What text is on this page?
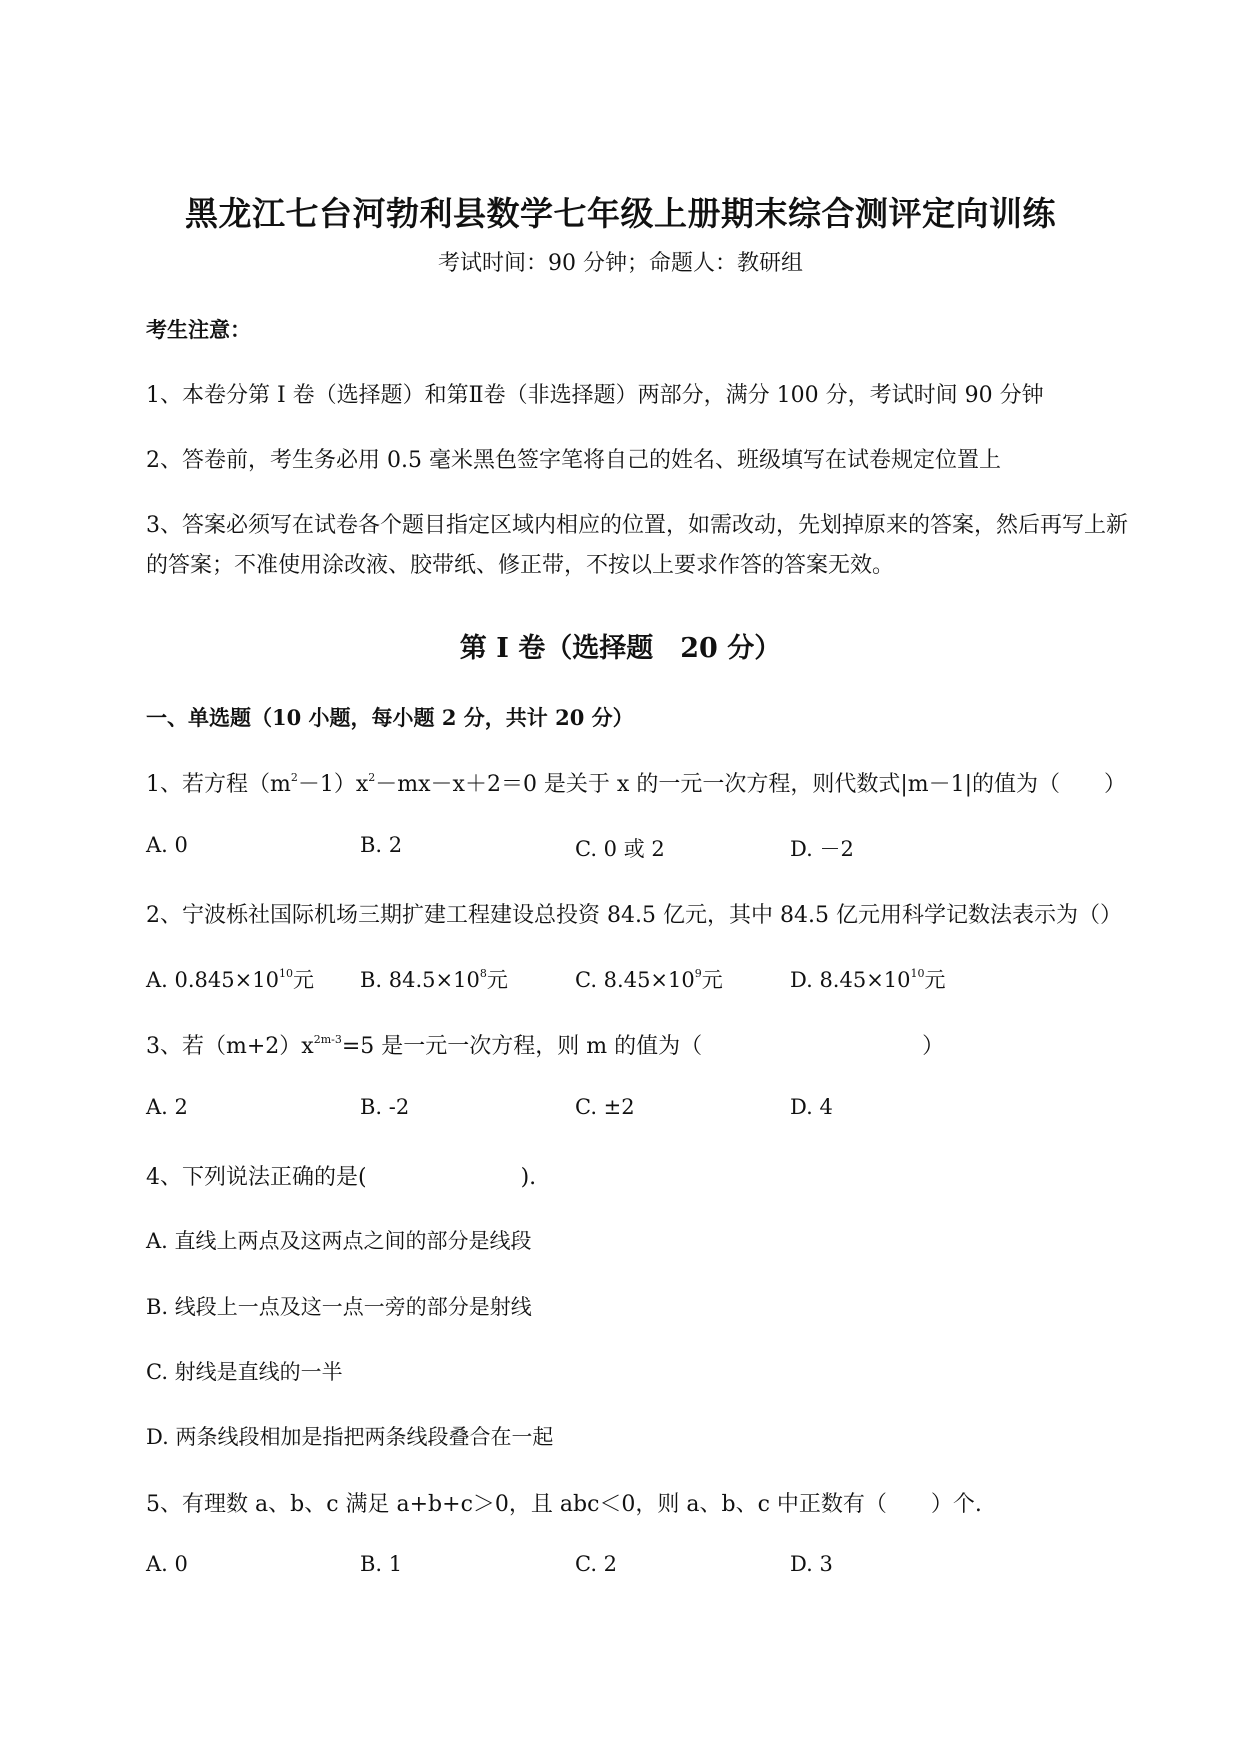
黑龙江七台河勃利县数学七年级上册期末综合测评定向训练
考试时间：90 分钟；命题人：教研组
考生注意：
1、本卷分第 I 卷（选择题）和第Ⅱ卷（非选择题）两部分，满分 100 分，考试时间 90 分钟
2、答卷前，考生务必用 0.5 毫米黑色签字笔将自己的姓名、班级填写在试卷规定位置上
3、答案必须写在试卷各个题目指定区域内相应的位置，如需改动，先划掉原来的答案，然后再写上新
的答案；不准使用涂改液、胶带纸、修正带，不按以上要求作答的答案无效。
第 I 卷（选择题　20 分）
一、单选题（10 小题，每小题 2 分，共计 20 分）
1、若方程$(m^2-1)x^2-mx-x+2=0$ 是关于 x 的一元一次方程，则代数式|m－1|的值为（　　）
A. 0	B. 2	C. 0 或 2	D. －2
2、宁波栎社国际机场三期扩建工程建设总投资 84.5 亿元，其中 84.5 亿元用科学记数法表示为（）
A. $0.845\times 10^{10}$元 B. $84.5\times 10^8$元	C. $8.45\times 10^9$元	D. $8.45\times 10^{10}$元
3、若$(m+2)x^{2m-3}=5$ 是一元一次方程，则 m 的值为（　　　　　　　　　　）
A. 2	B. -2	C. ±2	D. 4
4、下列说法正确的是(　　　　　　　).
A. 直线上两点及这两点之间的部分是线段
B. 线段上一点及这一点一旁的部分是射线
C. 射线是直线的一半
D. 两条线段相加是指把两条线段叠合在一起
5、有理数 a、b、c 满足 a+b+c＞0，且 abc＜0，则 a、b、c 中正数有（　　）个.
A. 0	B. 1	C. 2	D. 3
